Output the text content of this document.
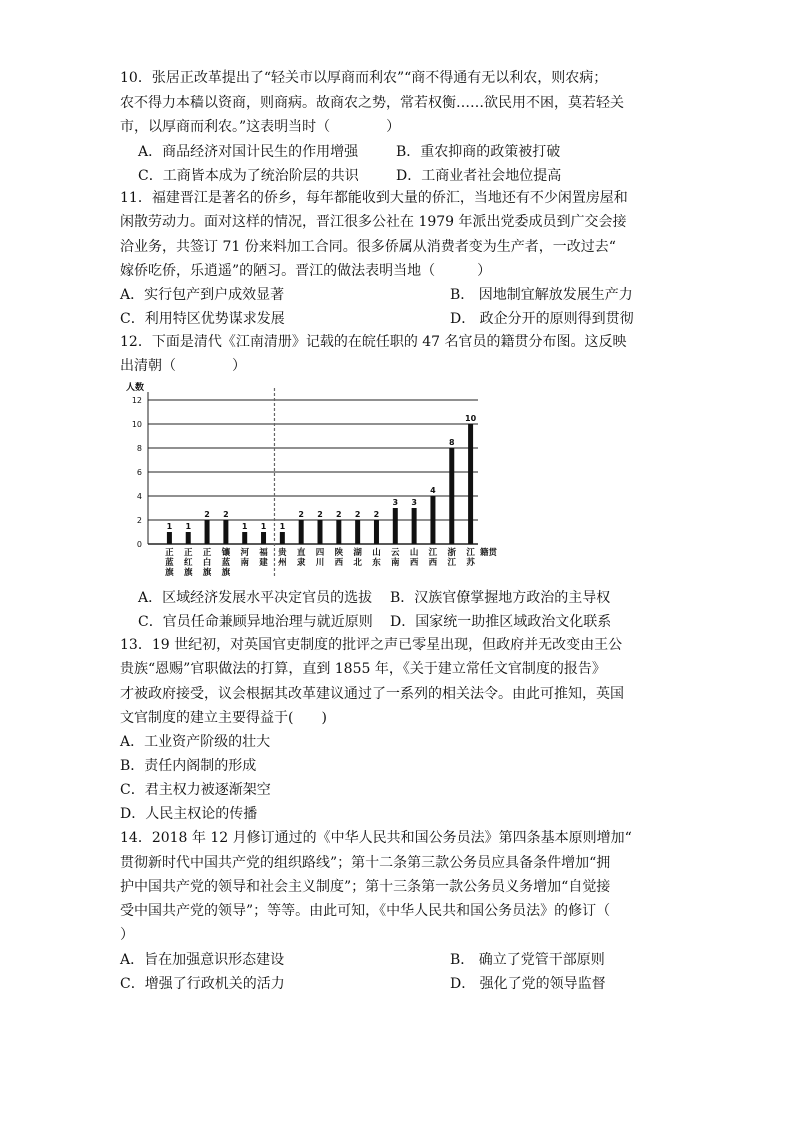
10．张居正改革提出了“轻关市以厚商而利农”“商不得通有无以利农，则农病；
农不得力本穑以资商，则商病。故商农之势，常若权衡……欲民用不困，莫若轻关
市，以厚商而利农。”这表明当时（　　　　）
A．商品经济对国计民生的作用增强	B．重农抑商的政策被打破
C．工商皆本成为了统治阶层的共识	D．工商业者社会地位提高
11．福建晋江是著名的侨乡，每年都能收到大量的侨汇，当地还有不少闲置房屋和
闲散劳动力。面对这样的情况，晋江很多公社在 1979 年派出党委成员到广交会接
洽业务，共签订 71 份来料加工合同。很多侨属从消费者变为生产者，一改过去“
嫁侨吃侨，乐逍遥”的陋习。晋江的做法表明当地（　　　）
A．实行包产到户成效显著	B． 因地制宜解放发展生产力
C．利用特区优势谋求发展	D． 政企分开的原则得到贯彻
12．下面是清代《江南清册》记载的在皖任职的 47 名官员的籍贯分布图。这反映
出清朝（　　　　）
0
2
4
6
8
10
12
人数
1
正
蓝
旗
1
正
红
旗
2
正
白
旗
2
镶
蓝
旗
1
河
南
1
福
建
1
贵
州
2
直
隶
2
四
川
2
陕
西
2
湖
北
2
山
东
3
云
南
3
山
西
4
江
西
8
浙
江
10
江
苏
籍贯
A．区域经济发展水平决定官员的选拔 B．汉族官僚掌握地方政治的主导权
C．官员任命兼顾异地治理与就近原则 D．国家统一助推区域政治文化联系
13．19 世纪初，对英国官吏制度的批评之声已零星出现，但政府并无改变由王公
贵族“恩赐”官职做法的打算，直到 1855 年，《关于建立常任文官制度的报告》
才被政府接受，议会根据其改革建议通过了一系列的相关法令。由此可推知，英国
文官制度的建立主要得益于(　　)
A．工业资产阶级的壮大
B．责任内阁制的形成
C．君主权力被逐渐架空
D．人民主权论的传播
14．2018 年 12 月修订通过的《中华人民共和国公务员法》第四条基本原则增加“
贯彻新时代中国共产党的组织路线”；第十二条第三款公务员应具备条件增加“拥
护中国共产党的领导和社会主义制度”；第十三条第一款公务员义务增加“自觉接
受中国共产党的领导”；等等。由此可知，《中华人民共和国公务员法》的修订（
）
A．旨在加强意识形态建设	B． 确立了党管干部原则
C．增强了行政机关的活力	D． 强化了党的领导监督
